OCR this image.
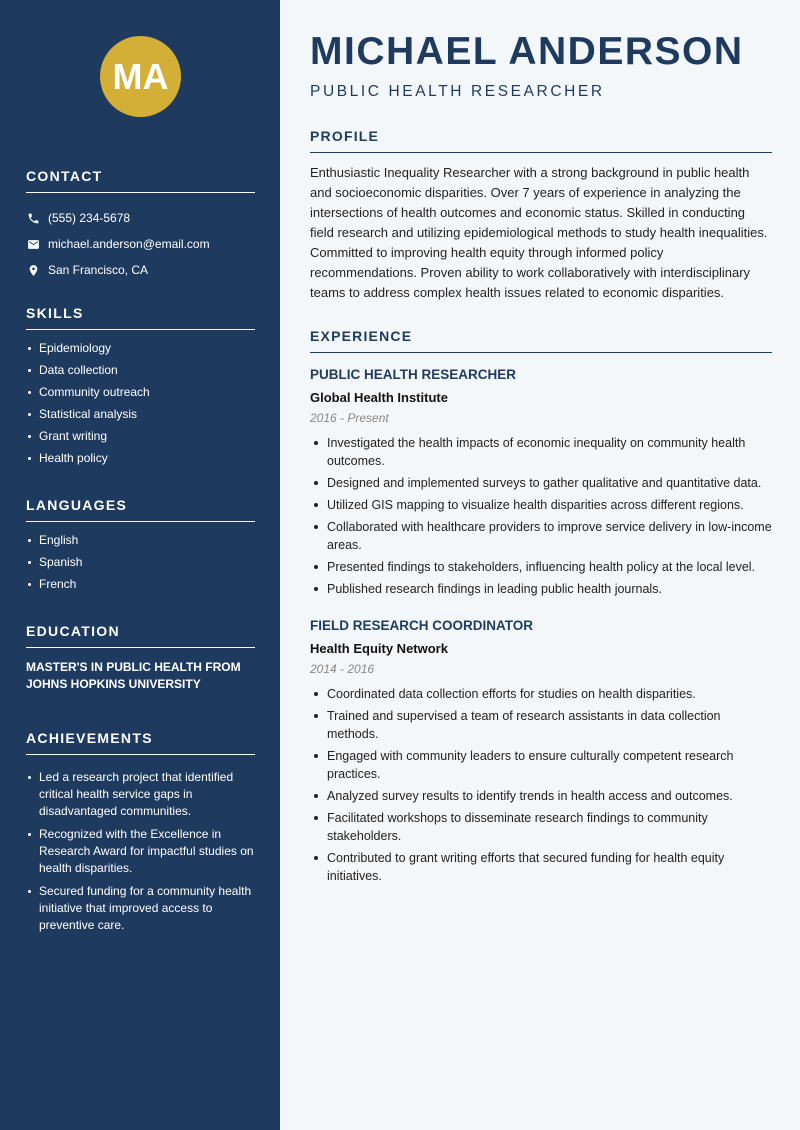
MA
CONTACT
(555) 234-5678
michael.anderson@email.com
San Francisco, CA
SKILLS
Epidemiology
Data collection
Community outreach
Statistical analysis
Grant writing
Health policy
LANGUAGES
English
Spanish
French
EDUCATION

MASTER'S IN PUBLIC HEALTH FROM JOHNS HOPKINS UNIVERSITY

ACHIEVEMENTS
Led a research project that identified critical health service gaps in disadvantaged communities.
Recognized with the Excellence in Research Award for impactful studies on health disparities.
Secured funding for a community health initiative that improved access to preventive care.
MICHAEL ANDERSON
PUBLIC HEALTH RESEARCHER
PROFILE

Enthusiastic Inequality Researcher with a strong background in public health and socioeconomic disparities. Over 7 years of experience in analyzing the intersections of health outcomes and economic status. Skilled in conducting field research and utilizing epidemiological methods to study health inequalities. Committed to improving health equity through informed policy recommendations. Proven ability to work collaboratively with interdisciplinary teams to address complex health issues related to economic disparities.

EXPERIENCE
PUBLIC HEALTH RESEARCHER
Global Health Institute
2016 - Present
Investigated the health impacts of economic inequality on community health outcomes.
Designed and implemented surveys to gather qualitative and quantitative data.
Utilized GIS mapping to visualize health disparities across different regions.
Collaborated with healthcare providers to improve service delivery in low-income areas.
Presented findings to stakeholders, influencing health policy at the local level.
Published research findings in leading public health journals.
FIELD RESEARCH COORDINATOR
Health Equity Network
2014 - 2016
Coordinated data collection efforts for studies on health disparities.
Trained and supervised a team of research assistants in data collection methods.
Engaged with community leaders to ensure culturally competent research practices.
Analyzed survey results to identify trends in health access and outcomes.
Facilitated workshops to disseminate research findings to community stakeholders.
Contributed to grant writing efforts that secured funding for health equity initiatives.
